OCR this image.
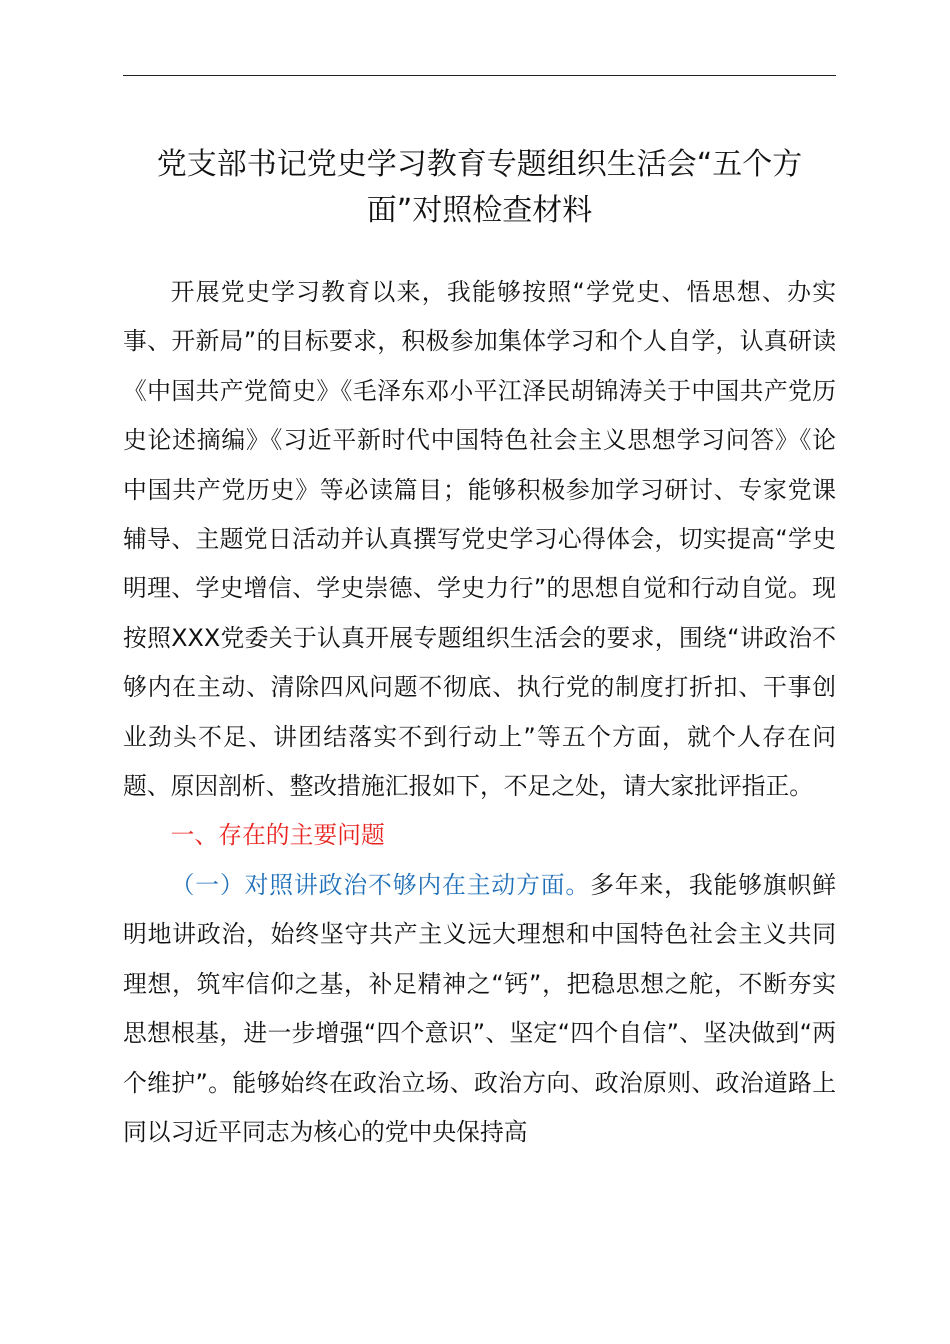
党支部书记党史学习教育专题组织生活会“五个方面”对照检查材料

开展党史学习教育以来，我能够按照“学党史、悟思想、办实事、开新局”的目标要求，积极参加集体学习和个人自学，认真研读《中国共产党简史》《毛泽东邓小平江泽民胡锦涛关于中国共产党历史论述摘编》《习近平新时代中国特色社会主义思想学习问答》《论中国共产党历史》等必读篇目；能够积极参加学习研讨、专家党课辅导、主题党日活动并认真撰写党史学习心得体会，切实提高“学史明理、学史增信、学史崇德、学史力行”的思想自觉和行动自觉。现按照XXX党委关于认真开展专题组织生活会的要求，围绕“讲政治不够内在主动、清除四风问题不彻底、执行党的制度打折扣、干事创业劲头不足、讲团结落实不到行动上”等五个方面，就个人存在问题、原因剖析、整改措施汇报如下，不足之处，请大家批评指正。

一、存在的主要问题

（一）对照讲政治不够内在主动方面。多年来，我能够旗帜鲜明地讲政治，始终坚守共产主义远大理想和中国特色社会主义共同理想，筑牢信仰之基，补足精神之“钙”，把稳思想之舵，不断夯实思想根基，进一步增强“四个意识”、坚定“四个自信”、坚决做到“两个维护”。能够始终在政治立场、政治方向、政治原则、政治道路上同以习近平同志为核心的党中央保持高
